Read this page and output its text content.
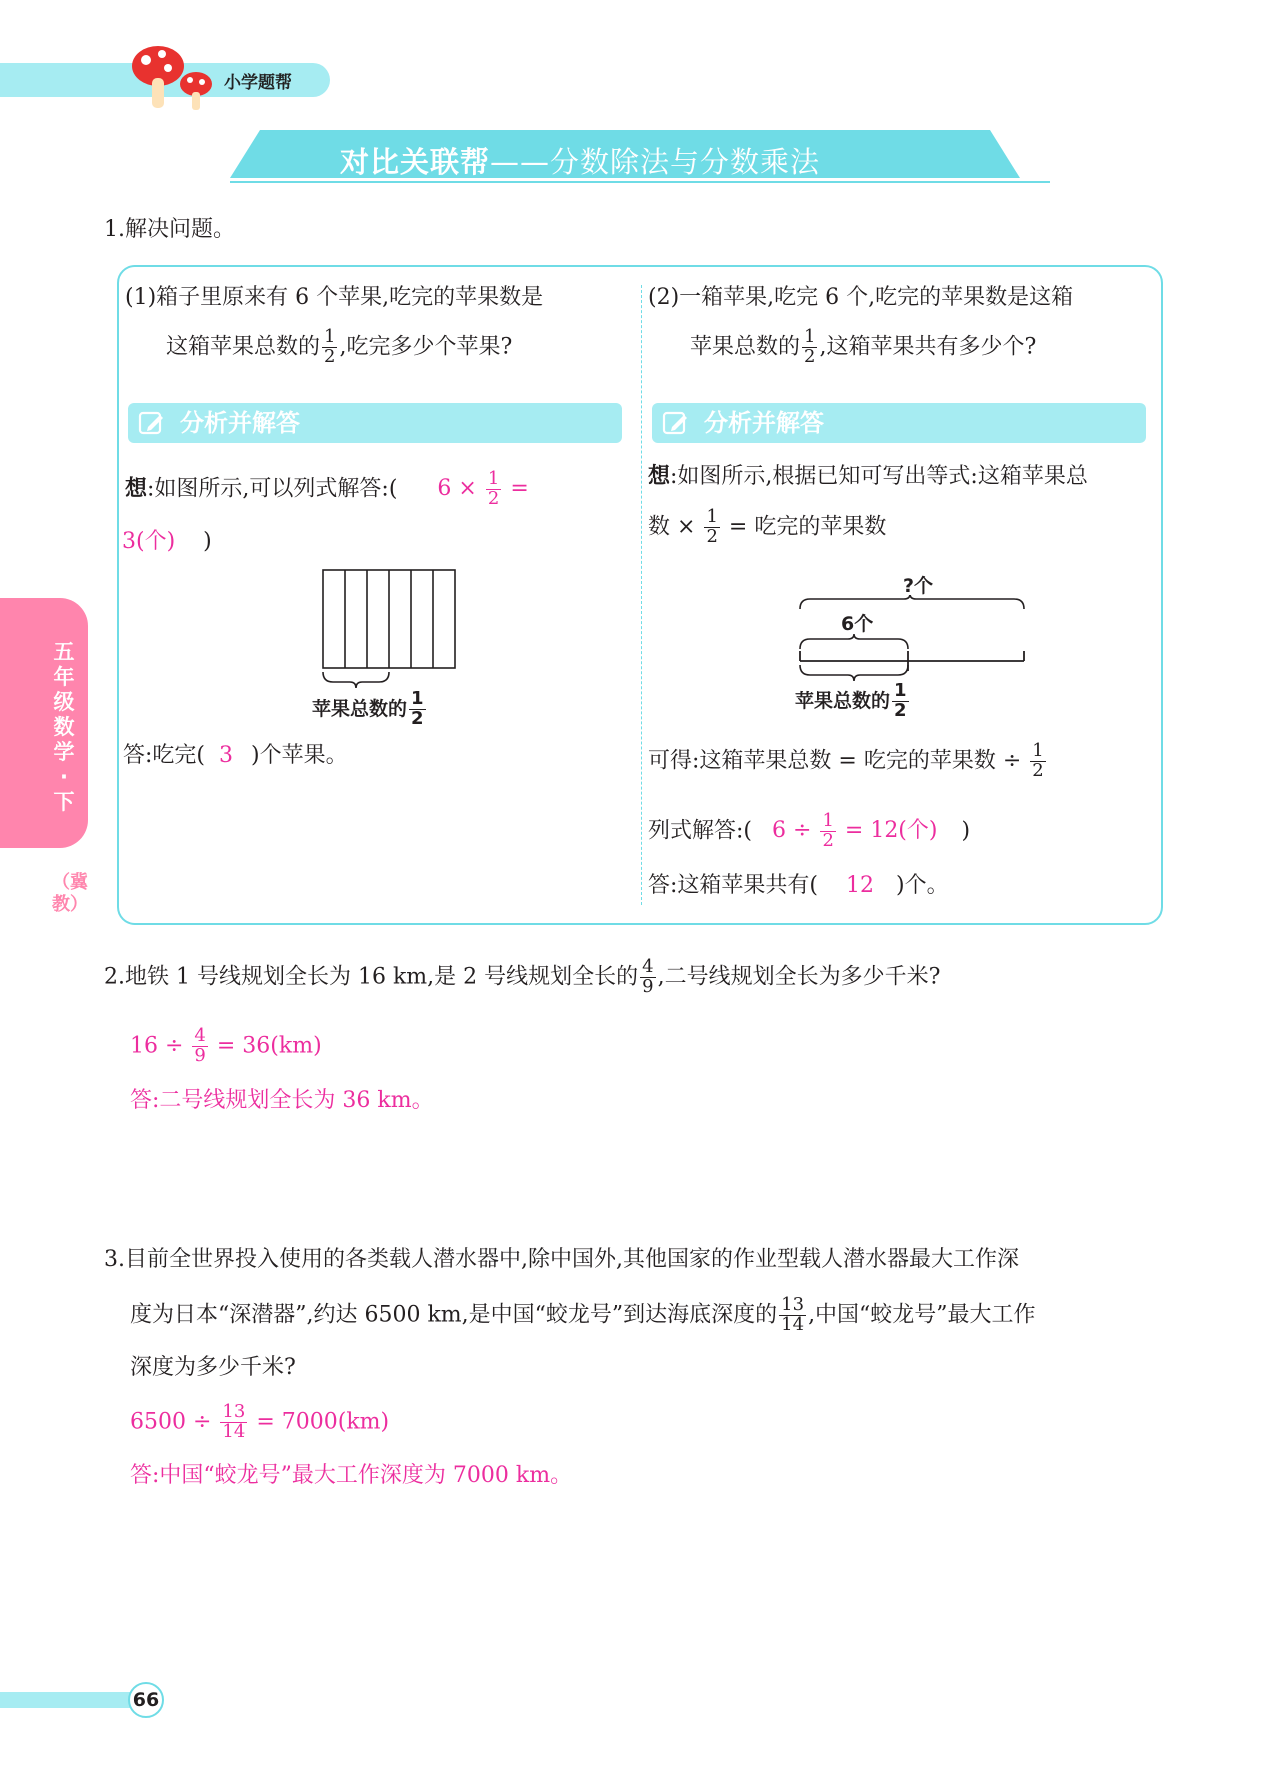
小学题帮
对比关联帮——分数除法与分数乘法
五年级数学·下
（冀教）
1.解决问题。
(1)箱子里原来有 6 个苹果,吃完的苹果数是
这箱苹果总数的 $\frac{1}{2}$ ,吃完多少个苹果?
分析并解答
想:如图所示,可以列式解答:( $6 \times \frac{1}{2}$ =
3(个) )
苹果总数的 $\frac{1}{2}$
答:吃完( 3 )个苹果。
(2)一箱苹果,吃完 6 个,吃完的苹果数是这箱
苹果总数的 $\frac{1}{2}$ ,这箱苹果共有多少个?
分析并解答
想:如图所示,根据已知可写出等式:这箱苹果总
数 × $\frac{1}{2}$ = 吃完的苹果数
?个
6个
苹果总数的 $\frac{1}{2}$
可得:这箱苹果总数 = 吃完的苹果数 ÷ $\frac{1}{2}$
列式解答:( $6 \div \frac{1}{2} = 12$(个) )
答:这箱苹果共有( 12 )个。
2.地铁 1 号线规划全长为 16 km,是 2 号线规划全长的 $\frac{4}{9}$ ,二号线规划全长为多少千米?
$16 \div \frac{4}{9} = 36(km)$
答:二号线规划全长为 36 km。
3.目前全世界投入使用的各类载人潜水器中,除中国外,其他国家的作业型载人潜水器最大工作深
度为日本“深潜器”,约达 6500 km,是中国“蛟龙号”到达海底深度的 $\frac{13}{14}$ ,中国“蛟龙号”最大工作
深度为多少千米?
$6500 \div \frac{13}{14} = 7000(km)$
答:中国“蛟龙号”最大工作深度为 7000 km。
66
